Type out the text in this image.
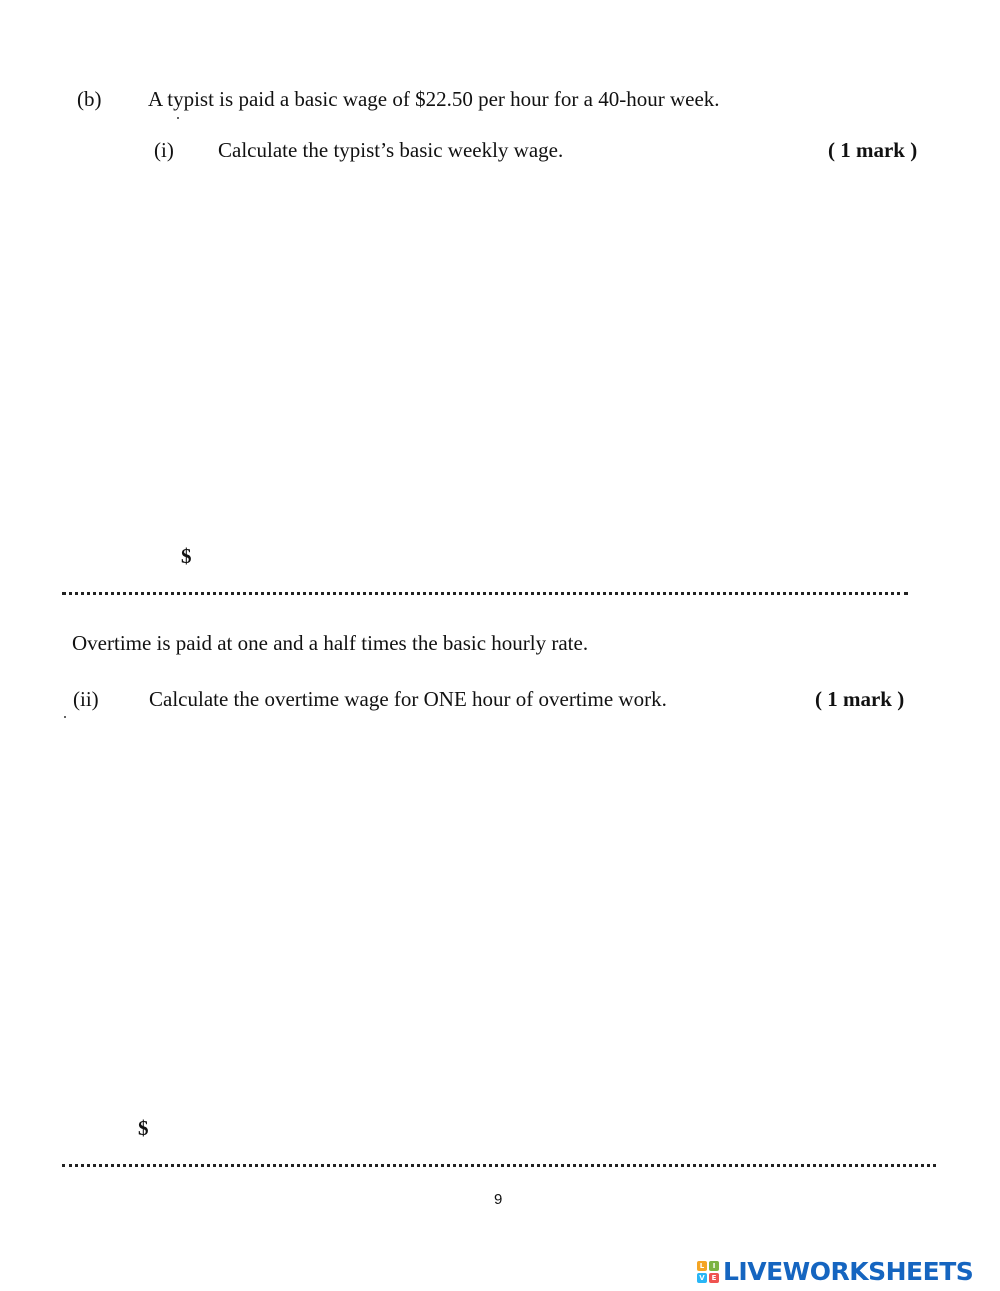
(b) A typist is paid a basic wage of $22.50 per hour for a 40-hour week.
(i) Calculate the typist’s basic weekly wage.	( 1 mark )
$
Overtime is paid at one and a half times the basic hourly rate.
(ii) Calculate the overtime wage for ONE hour of overtime work.	( 1 mark )
$
9
L	I
V E LIVEWORKSHEETS
